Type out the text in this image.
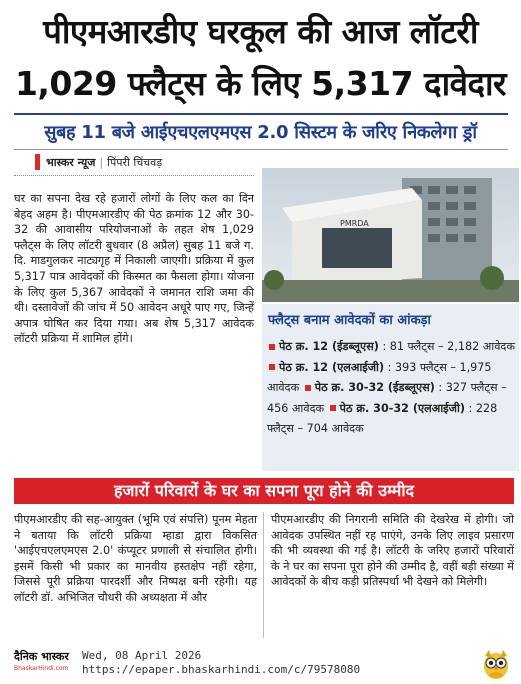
पीएमआरडीए घरकूल की आज लॉटरी
1,029 फ्लैट्स के लिए 5,317 दावेदार
सुबह 11 बजे आईएचएलएमएस 2.0 सिस्टम के जरिए निकलेगा ड्रॉ
भास्कर न्यूज | पिंपरी चिंचवड़
घर का सपना देख रहे हजारों लोगों के लिए कल का दिन बेहद अहम है। पीएमआरडीए की पेठ क्रमांक 12 और 30-32 की आवासीय परियोजनाओं के तहत शेष 1,029 फ्लैट्स के लिए लॉटरी बुधवार (8 अप्रैल) सुबह 11 बजे ग. दि. माडगुलकर नाट्यगृह में निकाली जाएगी। प्रक्रिया में कुल 5,317 पात्र आवेदकों की किस्मत का फैसला होगा। योजना के लिए कुल 5,367 आवेदकों ने जमानत राशि जमा की थी। दस्तावेजों की जांच में 50 आवेदन अधूरे पाए गए, जिन्हें अपात्र घोषित कर दिया गया। अब शेष 5,317 आवेदक लॉटरी प्रक्रिया में शामिल होंगे।
PMRDA
फ्लैट्स बनाम आवेदकों का आंकड़ा
पेठ क्र. 12 (ईडब्लूएस) : 81 फ्लैट्स – 2,182 आवेदक पेठ क्र. 12 (एलआईजी) : 393 फ्लैट्स – 1,975 आवेदक पेठ क्र. 30-32 (ईडब्लूएस) : 327 फ्लैट्स – 456 आवेदक पेठ क्र. 30-32 (एलआईजी) : 228 फ्लैट्स – 704 आवेदक
हजारों परिवारों के घर का सपना पूरा होने की उम्मीद
पीएमआरडीए की सह-आयुक्त (भूमि एवं संपत्ति) पूनम मेहता ने बताया कि लॉटरी प्रक्रिया म्हाडा द्वारा विकसित 'आईएचएलएमएस 2.0' कंप्यूटर प्रणाली से संचालित होगी। इसमें किसी भी प्रकार का मानवीय हस्तक्षेप नहीं रहेगा, जिससे पूरी प्रक्रिया पारदर्शी और निष्पक्ष बनी रहेगी। यह लॉटरी डॉ. अभिजित चौधरी की अध्यक्षता में और
पीएमआरडीए की निगरानी समिति की देखरेख में होगी। जो आवेदक उपस्थित नहीं रह पाएंगे, उनके लिए लाइव प्रसारण की भी व्यवस्था की गई है। लॉटरी के जरिए हजारों परिवारों के ने घर का सपना पूरा होने की उम्मीद है, वहीं बड़ी संख्या में आवेदकों के बीच कड़ी प्रतिस्पर्धा भी देखने को मिलेगी।
दैनिक भास्कर
BhaskarHindi.com
Wed, 08 April 2026
https://epaper.bhaskarhindi.com/c/79578080
